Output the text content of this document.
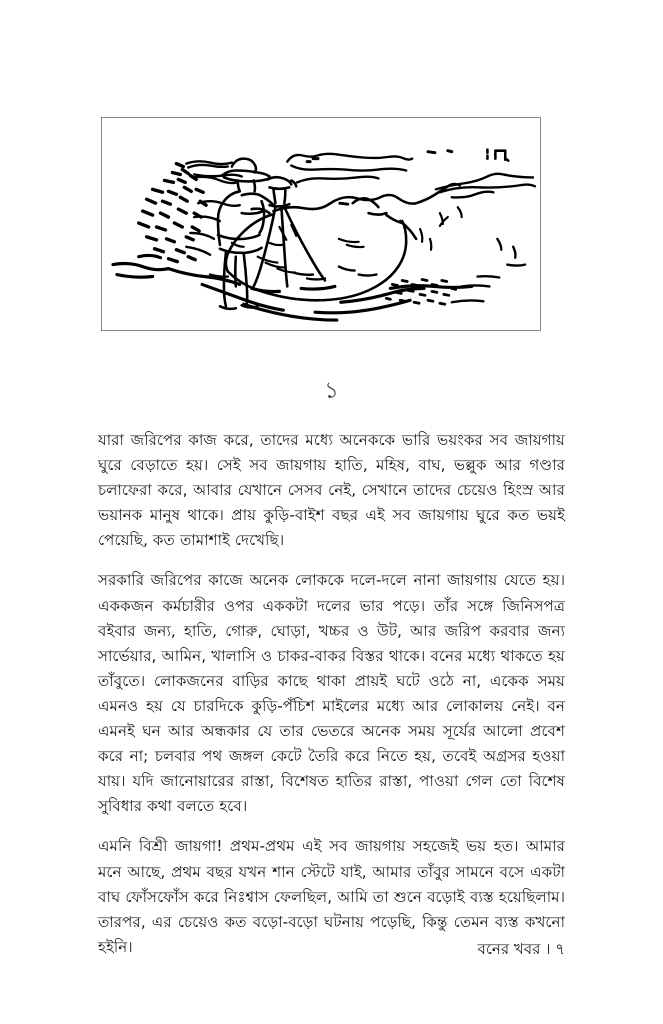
১

যারা জরিপের কাজ করে, তাদের মধ্যে অনেককে ভারি ভয়ংকর সব জায়গায় ঘুরে বেড়াতে হয়। সেই সব জায়গায় হাতি, মহিষ, বাঘ, ভল্লুক আর গণ্ডার চলাফেরা করে, আবার যেখানে সেসব নেই, সেখানে তাদের চেয়েও হিংস্র আর ভয়ানক মানুষ থাকে। প্রায় কুড়ি-বাইশ বছর এই সব জায়গায় ঘুরে কত ভয়ই পেয়েছি, কত তামাশাই দেখেছি।

সরকারি জরিপের কাজে অনেক লোককে দলে-দলে নানা জায়গায় যেতে হয়। এককজন কর্মচারীর ওপর এককটা দলের ভার পড়ে। তাঁর সঙ্গে জিনিসপত্র বইবার জন্য, হাতি, গোরু, ঘোড়া, খচ্চর ও উট, আর জরিপ করবার জন্য সার্ভেয়ার, আমিন, খালাসি ও চাকর-বাকর বিস্তর থাকে। বনের মধ্যে থাকতে হয় তাঁবুতে। লোকজনের বাড়ির কাছে থাকা প্রায়ই ঘটে ওঠে না, একেক সময় এমনও হয় যে চারদিকে কুড়ি-পঁচিশ মাইলের মধ্যে আর লোকালয় নেই। বন এমনই ঘন আর অন্ধকার যে তার ভেতরে অনেক সময় সূর্যের আলো প্রবেশ করে না; চলবার পথ জঙ্গল কেটে তৈরি করে নিতে হয়, তবেই অগ্রসর হওয়া যায়। যদি জানোয়ারের রাস্তা, বিশেষত হাতির রাস্তা, পাওয়া গেল তো বিশেষ সুবিধার কথা বলতে হবে।

এমনি বিশ্রী জায়গা! প্রথম-প্রথম এই সব জায়গায় সহজেই ভয় হত। আমার মনে আছে, প্রথম বছর যখন শান স্টেটে যাই, আমার তাঁবুর সামনে বসে একটা বাঘ ফোঁসফোঁস করে নিঃশ্বাস ফেলছিল, আমি তা শুনে বড়োই ব্যস্ত হয়েছিলাম। তারপর, এর চেয়েও কত বড়ো-বড়ো ঘটনায় পড়েছি, কিন্তু তেমন ব্যস্ত কখনো হইনি।	বনের খবর । ৭
